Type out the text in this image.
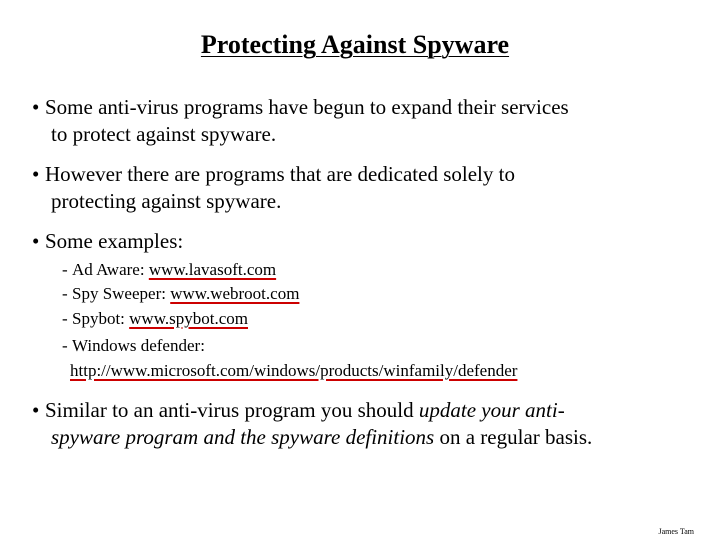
Protecting Against Spyware
• Some anti-virus programs have begun to expand their services
to protect against spyware.
• However there are programs that are dedicated solely to
protecting against spyware.
• Some examples:
- Ad Aware: www.lavasoft.com
- Spy Sweeper: www.webroot.com
- Spybot: www.spybot.com
- Windows defender:
http://www.microsoft.com/windows/products/winfamily/defender
• Similar to an anti-virus program you should update your anti-
spyware program and the spyware definitions on a regular basis.
James Tam
